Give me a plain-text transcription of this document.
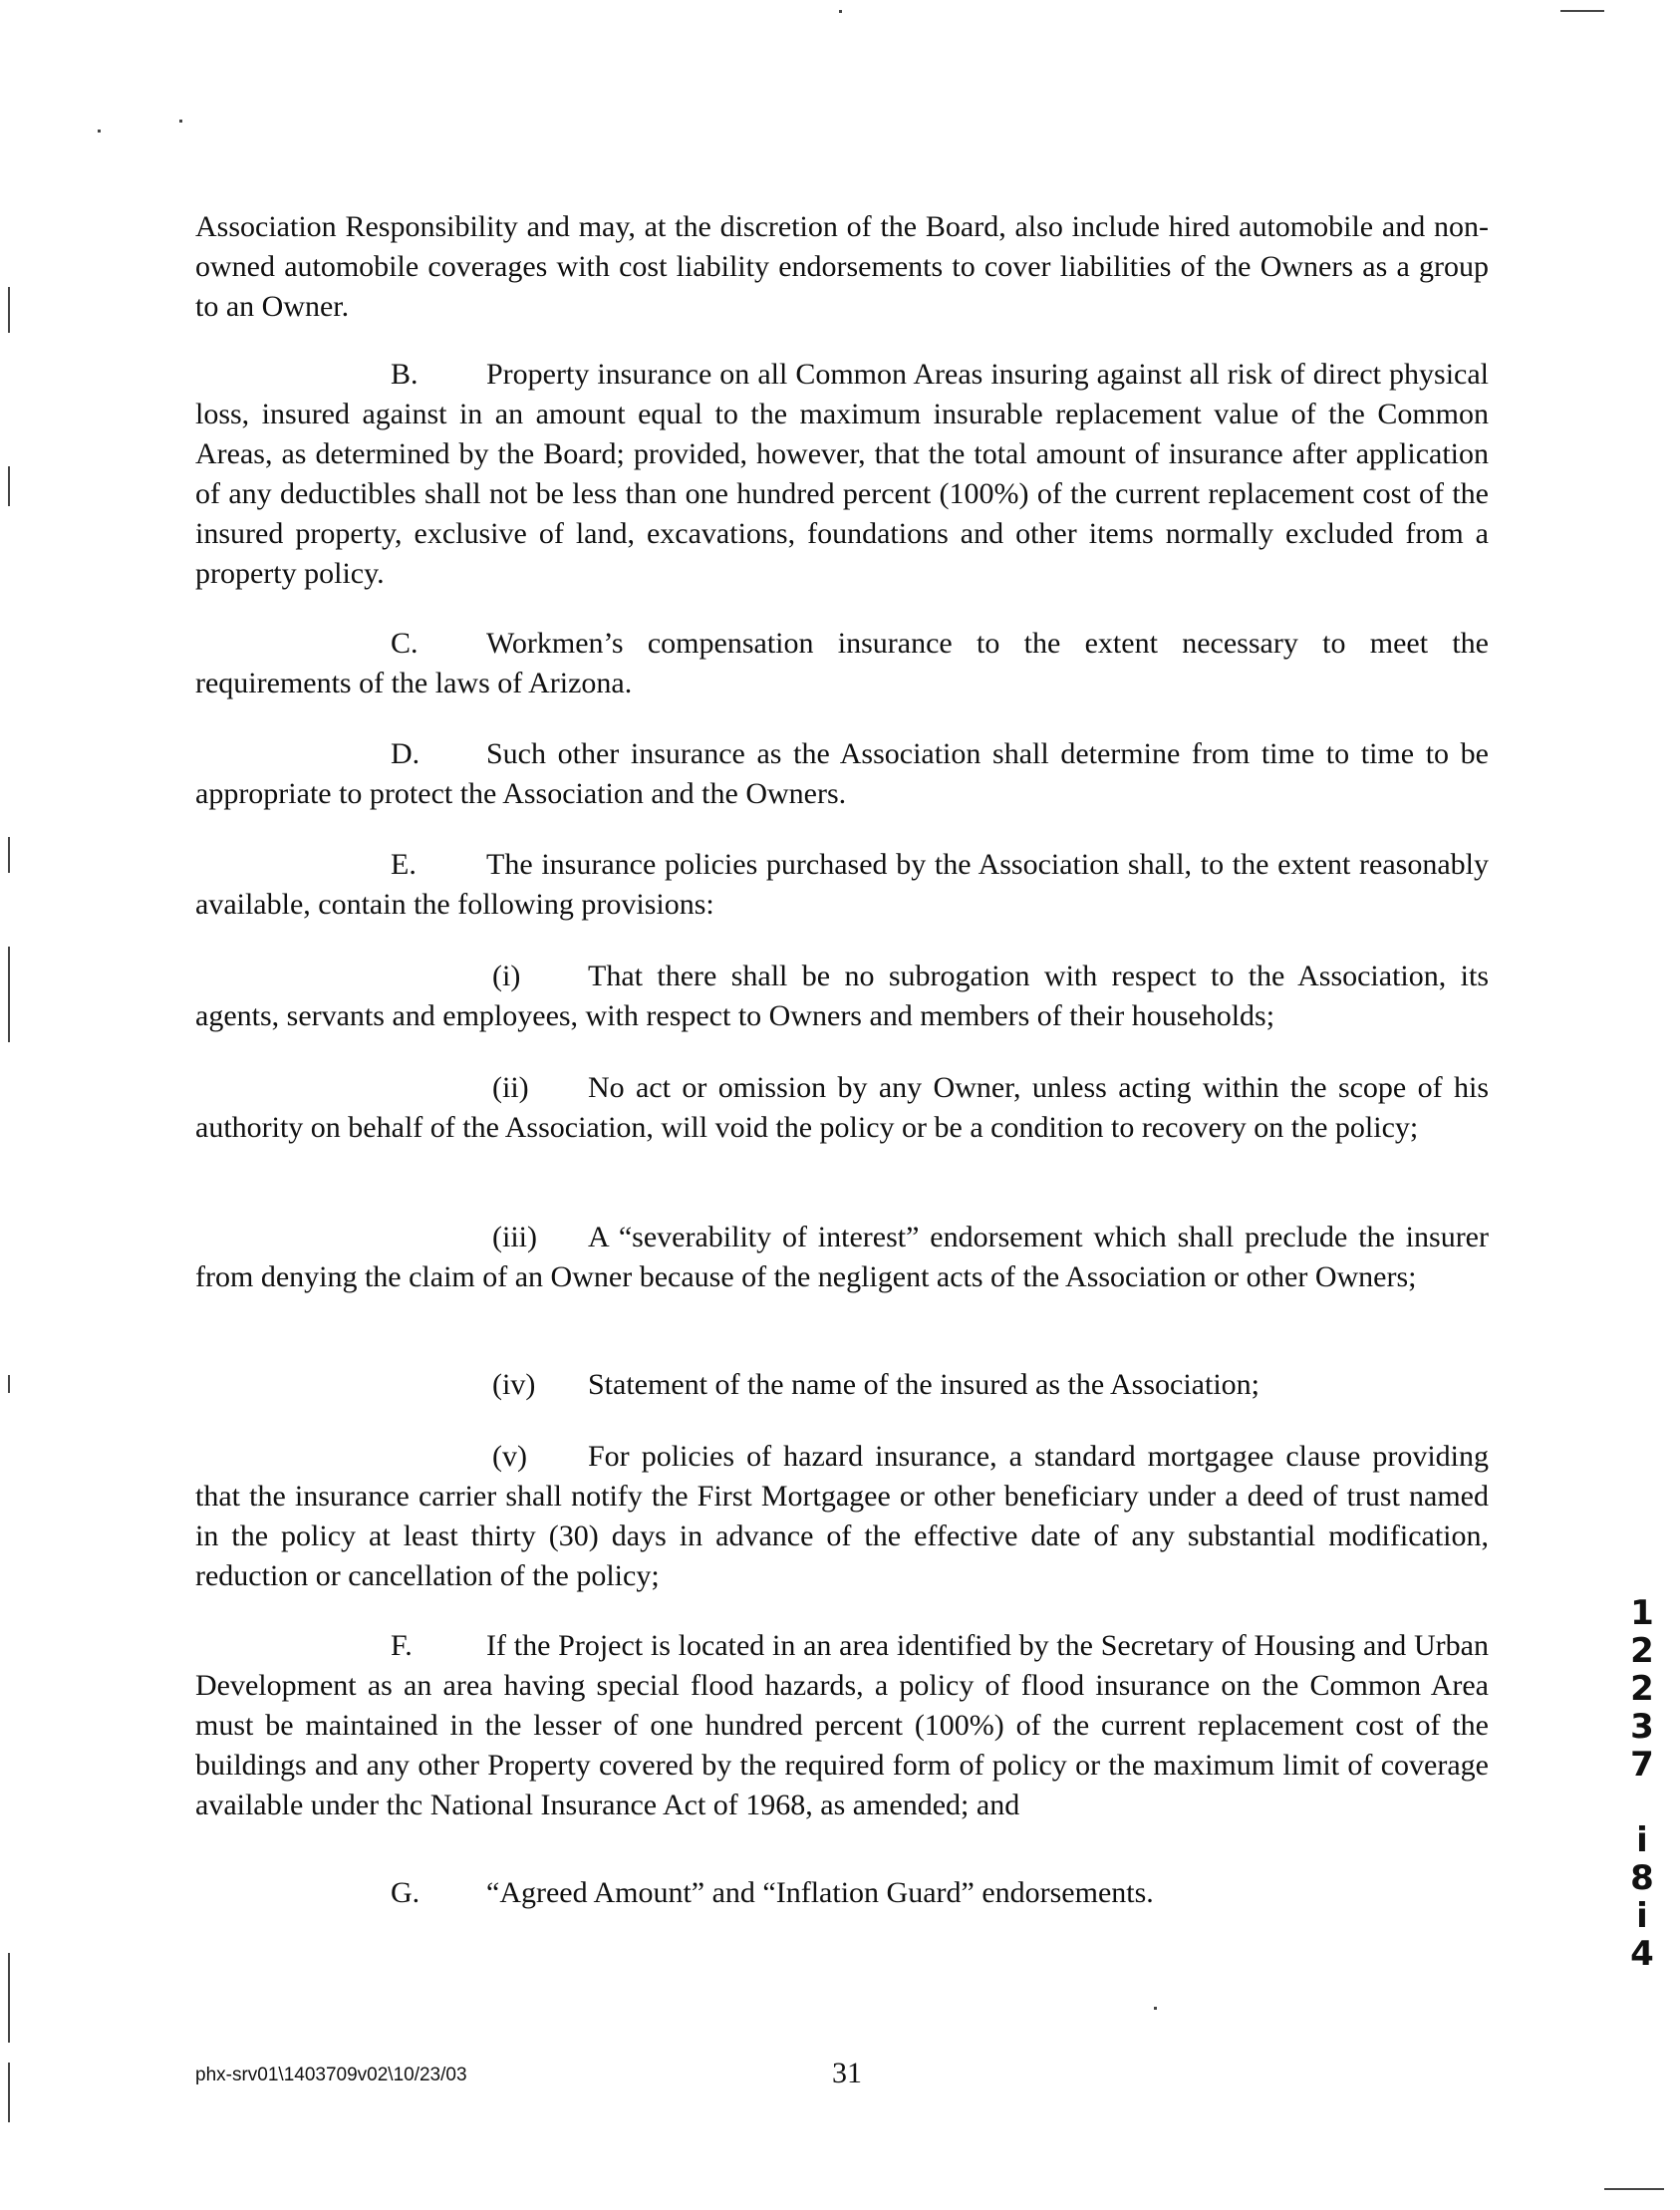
Association Responsibility and may, at the discretion of the Board, also include hired automobile and non-owned automobile coverages with cost liability endorsements to cover liabilities of the Owners as a group to an Owner.

B. Property insurance on all Common Areas insuring against all risk of direct physical loss, insured against in an amount equal to the maximum insurable replacement value of the Common Areas, as determined by the Board; provided, however, that the total amount of insurance after application of any deductibles shall not be less than one hundred percent (100%) of the current replacement cost of the insured property, exclusive of land, excavations, foundations and other items normally excluded from a property policy.

C. Workmen’s compensation insurance to the extent necessary to meet the requirements of the laws of Arizona.

D. Such other insurance as the Association shall determine from time to time to be appropriate to protect the Association and the Owners.

E. The insurance policies purchased by the Association shall, to the extent reasonably available, contain the following provisions:

(i) That there shall be no subrogation with respect to the Association, its agents, servants and employees, with respect to Owners and members of their households;

(ii) No act or omission by any Owner, unless acting within the scope of his authority on behalf of the Association, will void the policy or be a condition to recovery on the policy;

(iii) A “severability of interest” endorsement which shall preclude the insurer from denying the claim of an Owner because of the negligent acts of the Association or other Owners;

(iv) Statement of the name of the insured as the Association;

(v) For policies of hazard insurance, a standard mortgagee clause providing that the insurance carrier shall notify the First Mortgagee or other beneficiary under a deed of trust named in the policy at least thirty (30) days in advance of the effective date of any substantial modification, reduction or cancellation of the policy;

F. If the Project is located in an area identified by the Secretary of Housing and Urban Development as an area having special flood hazards, a policy of flood insurance on the Common Area must be maintained in the lesser of one hundred percent (100%) of the current replacement cost of the buildings and any other Property covered by the required form of policy or the maximum limit of coverage available under thc National Insurance Act of 1968, as amended; and

G. “Agreed Amount” and “Inflation Guard” endorsements.

phx-srv01\1403709v02\10/23/03	31
1
2
2
3
7

i
8
i
4
